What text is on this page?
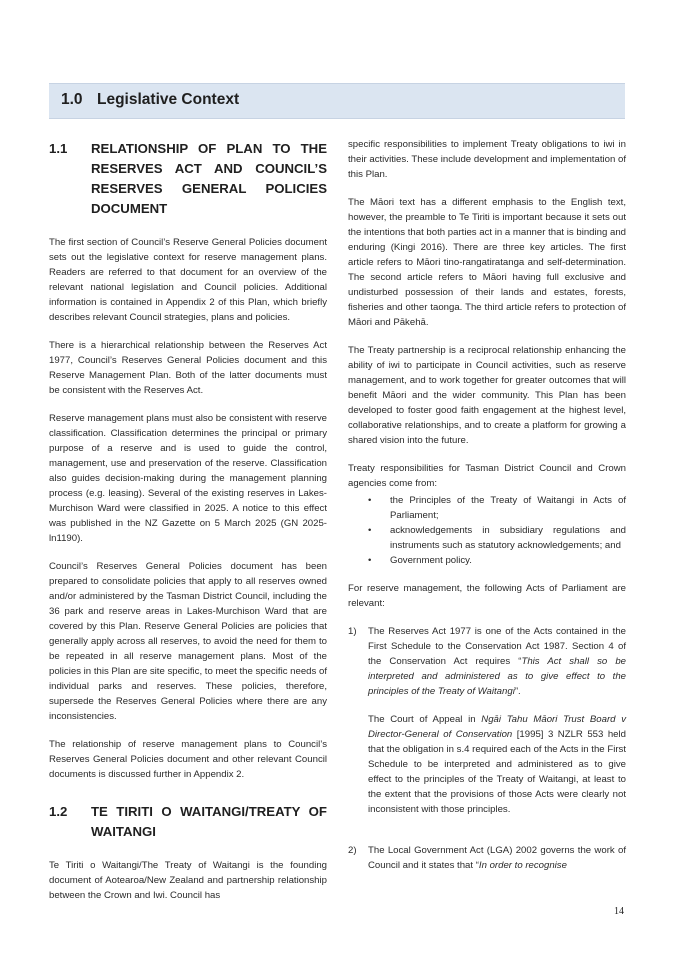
1.0 Legislative Context
1.1	RELATIONSHIP OF PLAN TO THE RESERVES ACT AND COUNCIL’S RESERVES GENERAL POLICIES DOCUMENT

The first section of Council’s Reserve General Policies document sets out the legislative context for reserve management plans. Readers are referred to that document for an overview of the relevant national legislation and Council policies. Additional information is contained in Appendix 2 of this Plan, which briefly describes relevant Council strategies, plans and policies.

There is a hierarchical relationship between the Reserves Act 1977, Council’s Reserves General Policies document and this Reserve Management Plan. Both of the latter documents must be consistent with the Reserves Act.

Reserve management plans must also be consistent with reserve classification. Classification determines the principal or primary purpose of a reserve and is used to guide the control, management, use and preservation of the reserve. Classification also guides decision-making during the management planning process (e.g. leasing). Several of the existing reserves in Lakes-Murchison Ward were classified in 2025. A notice to this effect was published in the NZ Gazette on 5 March 2025 (GN 2025-ln1190).

Council’s Reserves General Policies document has been prepared to consolidate policies that apply to all reserves owned and/or administered by the Tasman District Council, including the 36 park and reserve areas in Lakes-Murchison Ward that are covered by this Plan. Reserve General Policies are policies that generally apply across all reserves, to avoid the need for them to be repeated in all reserve management plans. Most of the policies in this Plan are site specific, to meet the specific needs of individual parks and reserves. These policies, therefore, supersede the Reserves General Policies where there are any inconsistencies.

The relationship of reserve management plans to Council’s Reserves General Policies document and other relevant Council documents is discussed further in Appendix 2.

1.2	TE TIRITI O WAITANGI/TREATY OF WAITANGI

Te Tiriti o Waitangi/The Treaty of Waitangi is the founding document of Aotearoa/New Zealand and partnership relationship between the Crown and Iwi. Council has

specific responsibilities to implement Treaty obligations to iwi in their activities. These include development and implementation of this Plan.

The Māori text has a different emphasis to the English text, however, the preamble to Te Tiriti is important because it sets out the intentions that both parties act in a manner that is binding and enduring (Kingi 2016). There are three key articles. The first article refers to Māori tino-rangatiratanga and self-determination. The second article refers to Māori having full exclusive and undisturbed possession of their lands and estates, forests, fisheries and other taonga. The third article refers to protection of Māori and Pākehā.

The Treaty partnership is a reciprocal relationship enhancing the ability of iwi to participate in Council activities, such as reserve management, and to work together for greater outcomes that will benefit Māori and the wider community. This Plan has been developed to foster good faith engagement at the highest level, collaborative relationships, and to create a platform for growing a shared vision into the future.

Treaty responsibilities for Tasman District Council and Crown agencies come from:

• the Principles of the Treaty of Waitangi in Acts of Parliament;
• acknowledgements in subsidiary regulations and instruments such as statutory acknowledgements; and
• Government policy.

For reserve management, the following Acts of Parliament are relevant:

1)	The Reserves Act 1977 is one of the Acts contained in the First Schedule to the Conservation Act 1987. Section 4 of the Conservation Act requires “This Act shall so be interpreted and administered as to give effect to the principles of the Treaty of Waitangi”.

The Court of Appeal in Ngāi Tahu Māori Trust Board v Director-General of Conservation [1995] 3 NZLR 553 held that the obligation in s.4 required each of the Acts in the First Schedule to be interpreted and administered as to give effect to the principles of the Treaty of Waitangi, at least to the extent that the provisions of those Acts were clearly not inconsistent with those principles.

2)	The Local Government Act (LGA) 2002 governs the work of Council and it states that “In order to recognise

14
